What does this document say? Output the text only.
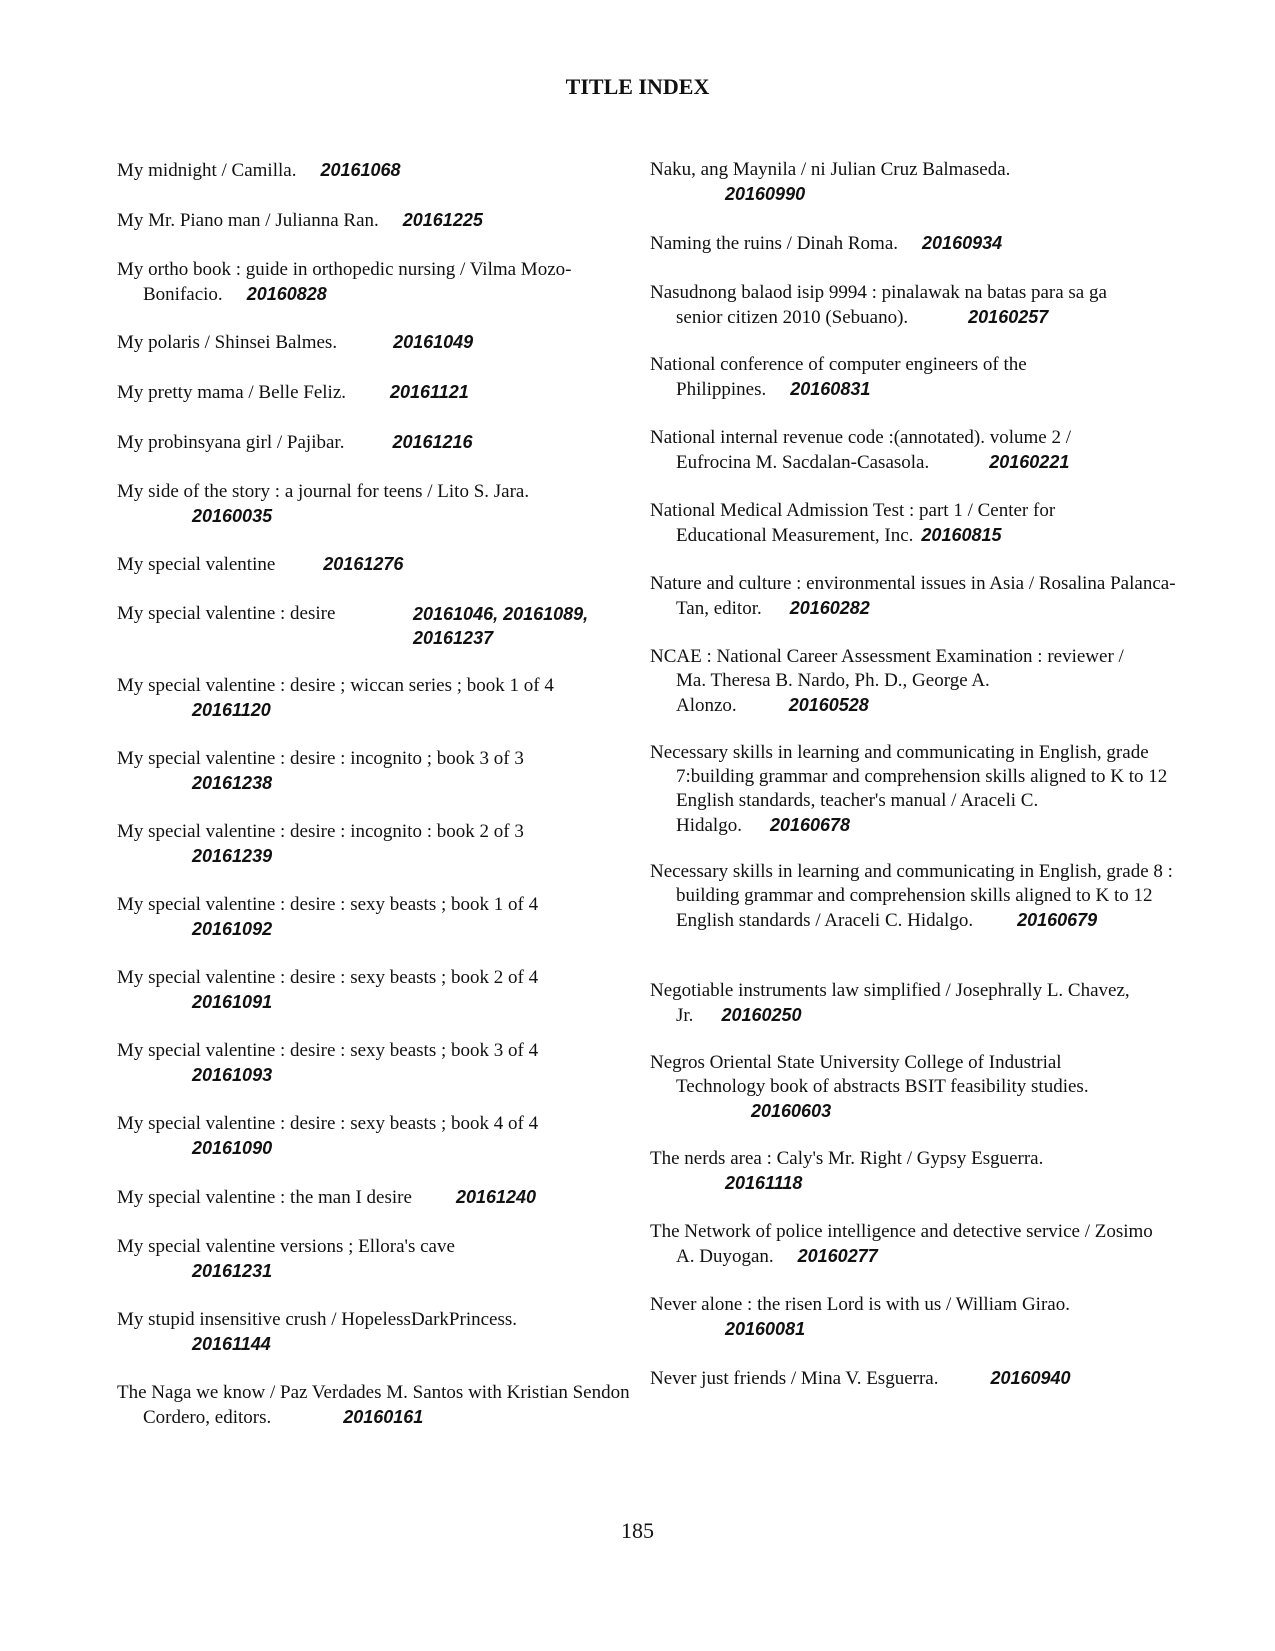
TITLE INDEX
My midnight / Camilla. 20161068
My Mr. Piano man / Julianna Ran. 20161225
My ortho book : guide in orthopedic nursing / Vilma Mozo-Bonifacio. 20160828
My polaris / Shinsei Balmes.	20161049
My pretty mama / Belle Feliz. 20161121
My probinsyana girl / Pajibar.	20161216
My side of the story : a journal for teens / Lito S. Jara.
20160035
My special valentine	20161276
My special valentine : desire	20161046, 20161089, 20161237
My special valentine : desire ; wiccan series ; book 1 of 4
20161120
My special valentine : desire : incognito ; book 3 of 3
20161238
My special valentine : desire : incognito : book 2 of 3
20161239
My special valentine : desire : sexy beasts ; book 1 of 4
20161092
My special valentine : desire : sexy beasts ; book 2 of 4
20161091
My special valentine : desire : sexy beasts ; book 3 of 4
20161093
My special valentine : desire : sexy beasts ; book 4 of 4
20161090
My special valentine : the man I desire 20161240
My special valentine versions ; Ellora's cave
20161231
My stupid insensitive crush / HopelessDarkPrincess.
20161144
The Naga we know / Paz Verdades M. Santos with Kristian Sendon Cordero, editors.	20160161
Naku, ang Maynila / ni Julian Cruz Balmaseda.
20160990
Naming the ruins / Dinah Roma. 20160934
Nasudnong balaod isip 9994 : pinalawak na batas para sa ga senior citizen 2010 (Sebuano).	20160257
National conference of computer engineers of the Philippines. 20160831
National internal revenue code :(annotated). volume 2 / Eufrocina M. Sacdalan-Casasola.	20160221
National Medical Admission Test : part 1 / Center for Educational Measurement, Inc. 20160815
Nature and culture : environmental issues in Asia / Rosalina Palanca-Tan, editor. 20160282
NCAE : National Career Assessment Examination : reviewer / Ma. Theresa B. Nardo, Ph. D., George A. Alonzo.	20160528
Necessary skills in learning and communicating in English, grade 7:building grammar and comprehension skills aligned to K to 12 English standards, teacher's manual / Araceli C. Hidalgo. 20160678
Necessary skills in learning and communicating in English, grade 8 : building grammar and comprehension skills aligned to K to 12 English standards / Araceli C. Hidalgo. 20160679
Negotiable instruments law simplified / Josephrally L. Chavez, Jr. 20160250
Negros Oriental State University College of Industrial Technology book of abstracts BSIT feasibility studies.
20160603
The nerds area : Caly's Mr. Right / Gypsy Esguerra.
20161118
The Network of police intelligence and detective service / Zosimo A. Duyogan. 20160277
Never alone : the risen Lord is with us / William Girao.
20160081
Never just friends / Mina V. Esguerra.	20160940
185
